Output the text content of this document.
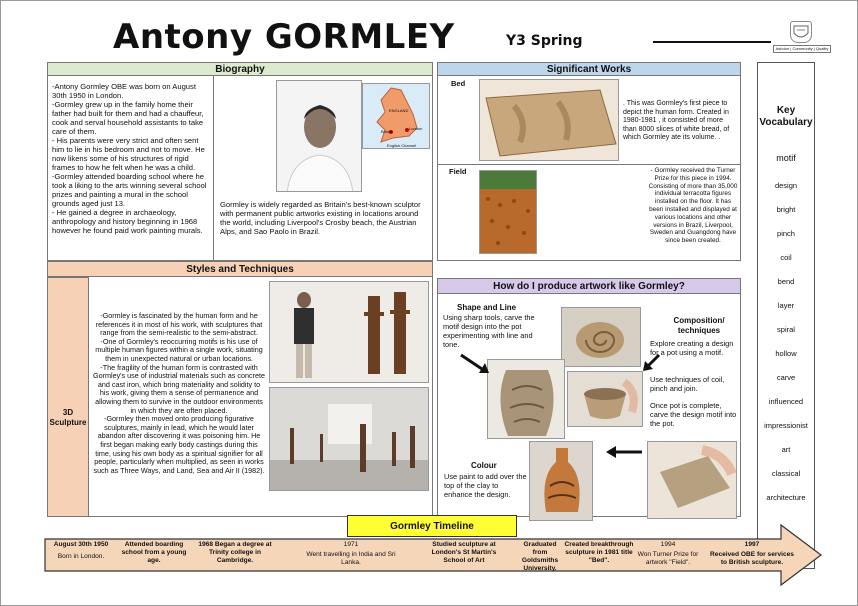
Antony GORMLEY	Y3 Spring	Ashdon | Community | Quality
Biography
-Antony Gormley OBE was born on August 30th 1950 in London.
-Gormley grew up in the family home their father had built for them and had a chauffeur, cook and serval household assistants to take care of them.
- His parents were very strict and often sent him to lie in his bedroom and not to move. He now likens some of his structures of rigid frames to how he felt when he was a child.
-Gormley attended boarding school where he took a liking to the arts winning several school prizes and painting a mural in the school grounds aged just 13.
- He gained a degree in archaeology, anthropology and history beginning in 1968 however he found paid work painting murals.
ENGLAND
London
Bristol
English Channel
Gormley is widely regarded as Britain's best-known sculptor with permanent public artworks existing in locations around the world, including Liverpool's Crosby beach, the Austrian Alps, and Sao Paolo in Brazil.
Significant Works
Bed
. This was Gormley's first piece to depict the human form. Created in 1980-1981 , it consisted of more than 8000 slices of white bread, of which Gormley ate its volume. .
Field	- Gormley received the Turner Prize for this piece in 1994. Consisting of more than 35,000 individual terracotta figures installed on the floor. It has been installed and displayed at various locations and other versions in Brazil, Liverpool, Sweden and Guangdong have since been created.
Styles and Techniques
3D Sculpture
-Gormley is fascinated by the human form and he references it in most of his work, with sculptures that range from the semi-realistic to the semi-abstract.
-One of Gormley's reoccurring motifs is his use of multiple human figures within a single work, situating them in unexpected natural or urban locations.
-The fragility of the human form is contrasted with Gormley's use of industrial materials such as concrete and cast iron, which bring materiality and solidity to his work, giving them a sense of permanence and allowing them to survive in the outdoor environments in which they are often placed.
-Gormley then moved onto producing figurative sculptures, mainly in lead, which he would later abandon after discovering it was poisoning him. He first began making early body castings during this time, using his own body as a spiritual signifier for all people, particularly when multiplied, as seen in works such as Three Ways, and Land, Sea and Air II (1982).
How do I produce artwork like Gormley?
Shape and Line
Using sharp tools, carve the motif design into the pot experimenting with line and tone.
Composition/ techniques
Explore creating a design for a pot using a motif.
Use techniques of coil, pinch and join.
Once pot is complete, carve the design motif into the pot.
Colour
Use paint to add over the top of the clay to enhance the design.
Key Vocabulary
motif
design
bright
pinch
coil
bend
layer
spiral
hollow
carve
influenced
impressionist
art
classical
architecture
Gormley Timeline
August 30th 1950
Born in London.
Attended boarding school from a young age.
1968 Began a degree at Trinity college in Cambridge.
1971
Went travelling in India and Sri Lanka.
Studied sculpture at London's St Martin's School of Art
Graduated from Goldsmiths University.
Created breakthrough sculpture in 1981 title "Bed".
1994
Won Turner Prize for artwork "Field".
1997
Received OBE for services to British sculpture.
